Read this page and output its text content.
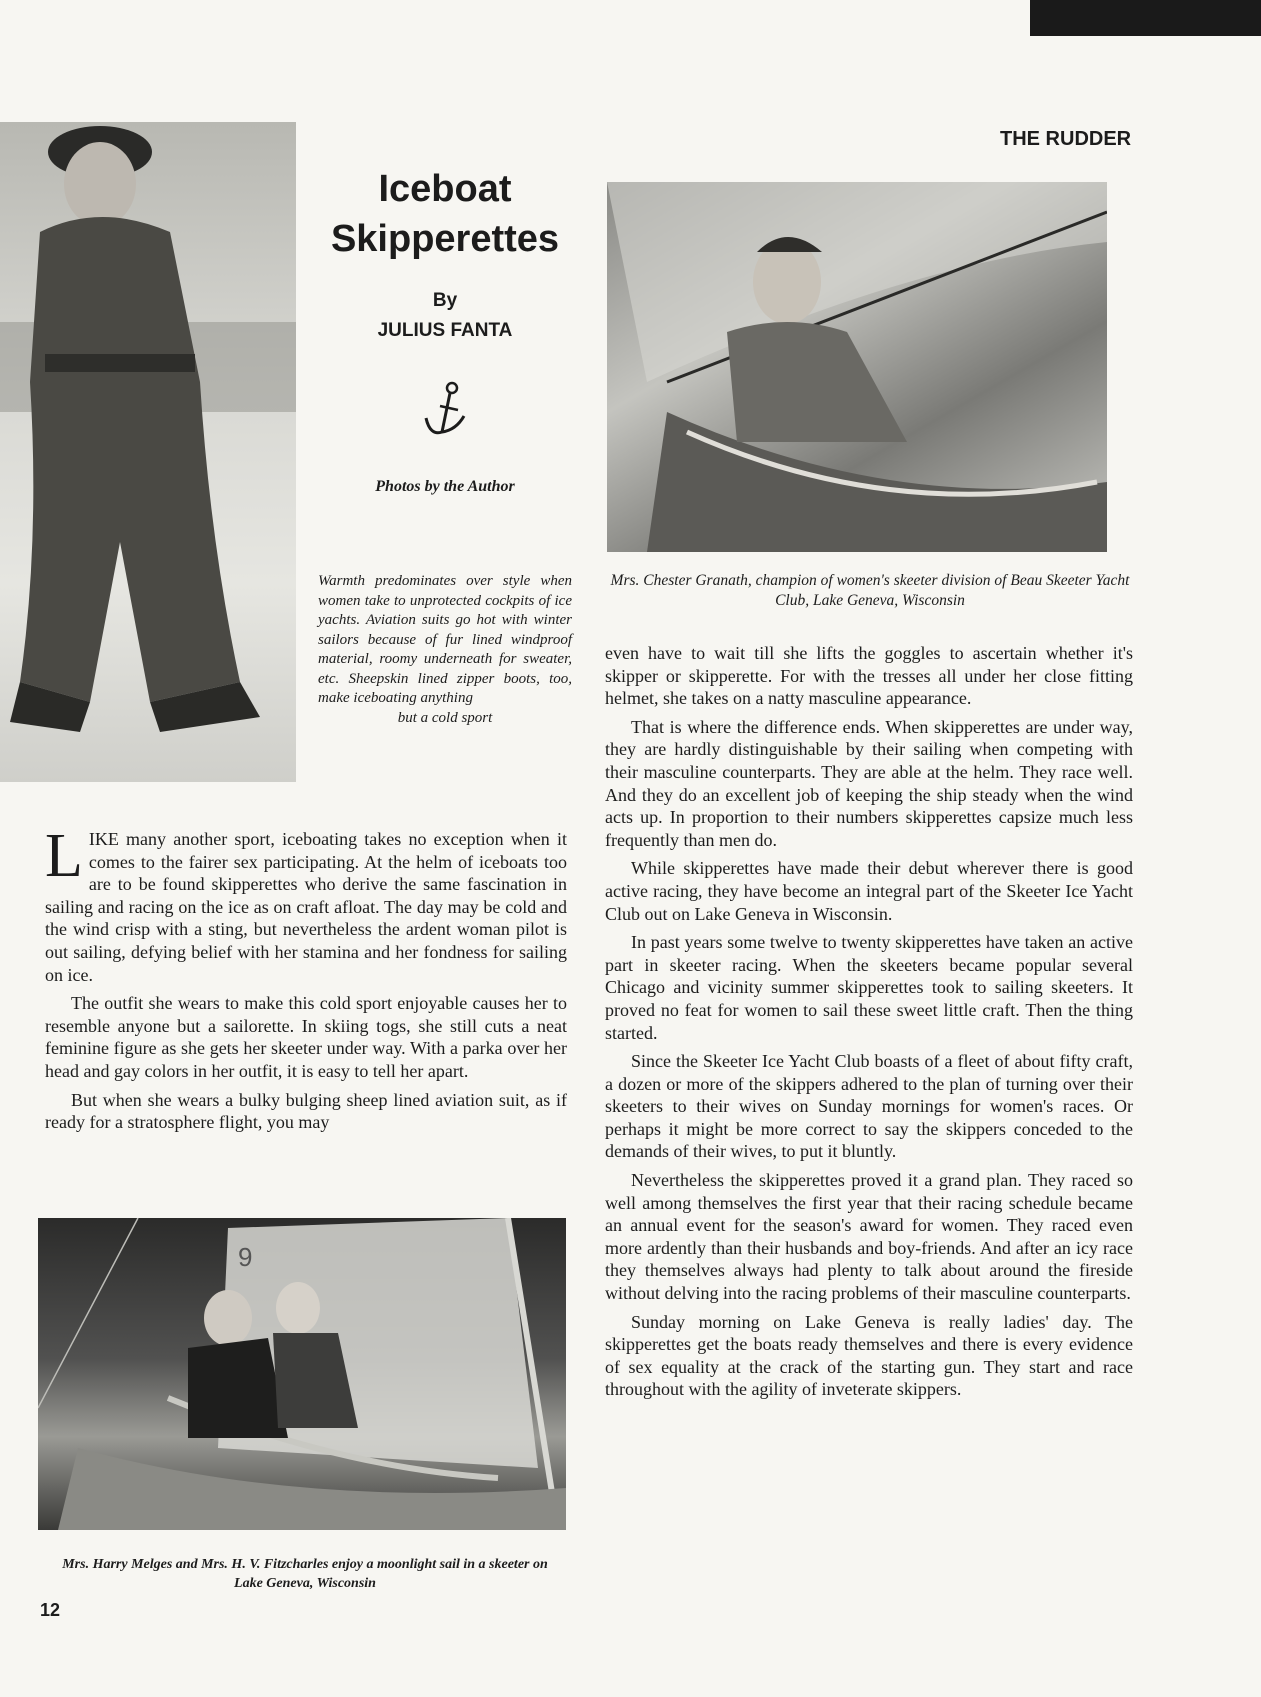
THE RUDDER
Iceboat
Skipperettes
By
JULIUS FANTA
Photos by the Author
Warmth predominates over style when women take to unprotected cockpits of ice yachts. Aviation suits go hot with winter sailors because of fur lined windproof material, roomy underneath for sweater, etc. Sheepskin lined zipper boots, too, make iceboating anything
but a cold sport
Mrs. Chester Granath, champion of women's skeeter division of Beau Skeeter Yacht Club, Lake Geneva, Wisconsin

LIKE many another sport, iceboating takes no exception when it comes to the fairer sex participating. At the helm of iceboats too are to be found skipperettes who derive the same fascination in sailing and racing on the ice as on craft afloat. The day may be cold and the wind crisp with a sting, but nevertheless the ardent woman pilot is out sailing, defying belief with her stamina and her fondness for sailing on ice.

The outfit she wears to make this cold sport enjoyable causes her to resemble anyone but a sailorette. In skiing togs, she still cuts a neat feminine figure as she gets her skeeter under way. With a parka over her head and gay colors in her outfit, it is easy to tell her apart.

But when she wears a bulky bulging sheep lined aviation suit, as if ready for a stratosphere flight, you may

9
Mrs. Harry Melges and Mrs. H. V. Fitzcharles enjoy a moonlight sail in a skeeter on Lake Geneva, Wisconsin

even have to wait till she lifts the goggles to ascertain whether it's skipper or skipperette. For with the tresses all under her close fitting helmet, she takes on a natty masculine appearance.

That is where the difference ends. When skipperettes are under way, they are hardly distinguishable by their sailing when competing with their masculine counterparts. They are able at the helm. They race well. And they do an excellent job of keeping the ship steady when the wind acts up. In proportion to their numbers skipperettes capsize much less frequently than men do.

While skipperettes have made their debut wherever there is good active racing, they have become an integral part of the Skeeter Ice Yacht Club out on Lake Geneva in Wisconsin.

In past years some twelve to twenty skipperettes have taken an active part in skeeter racing. When the skeeters became popular several Chicago and vicinity summer skipperettes took to sailing skeeters. It proved no feat for women to sail these sweet little craft. Then the thing started.

Since the Skeeter Ice Yacht Club boasts of a fleet of about fifty craft, a dozen or more of the skippers adhered to the plan of turning over their skeeters to their wives on Sunday mornings for women's races. Or perhaps it might be more correct to say the skippers conceded to the demands of their wives, to put it bluntly.

Nevertheless the skipperettes proved it a grand plan. They raced so well among themselves the first year that their racing schedule became an annual event for the season's award for women. They raced even more ardently than their husbands and boy-friends. And after an icy race they themselves always had plenty to talk about around the fireside without delving into the racing problems of their masculine counterparts.

Sunday morning on Lake Geneva is really ladies' day. The skipperettes get the boats ready themselves and there is every evidence of sex equality at the crack of the starting gun. They start and race throughout with the agility of inveterate skippers.

12
